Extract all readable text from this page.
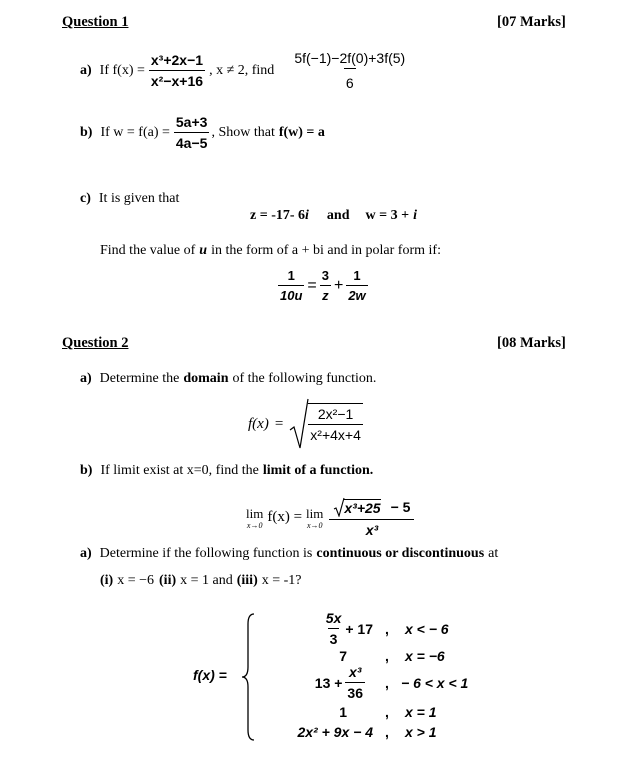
Question 1	[07 Marks]
a) If $f(x) = \frac{\text{x³+2x−1}}{\text{x²−x+16}}$ , x ≠ 2, find $\frac{5f(-1)-2f(0)+3f(5)}{6}$
b) If $w = f(a) = \frac{5a+3}{4a-5}$ , Show that f(w) = a
c) It is given that
z = -17- 6 i and w = 3 + i
Find the value of u in the form of a + bi and in polar form if:
$\frac{1}{10u} = \frac{3}{z} + \frac{1}{2w}$
Question 2	[08 Marks]
a) Determine the domain of the following function.
$f(x) = \frac{\text{2x²−1}}{\text{x²+4x+4}}$
b) If limit exist at x=0, find the limit of a function.
lim
x→0 f(x) = lim
$x\to 0 \frac{\text{x³+25 − 5}}{\text{x³}}$
a) Determine if the following function is continuous or discontinuous at
(i) x = −6 (ii) x = 1 and (iii) x = -1?
f(x) =
$\frac{5x}{3} + 17$ ,	x < − 6
7	,	x = −6
$13 + \frac{\text{x³}}{36}$	, − 6 < x < 1
1	,	x = 1
2x² + 9x − 4 ,	x > 1
